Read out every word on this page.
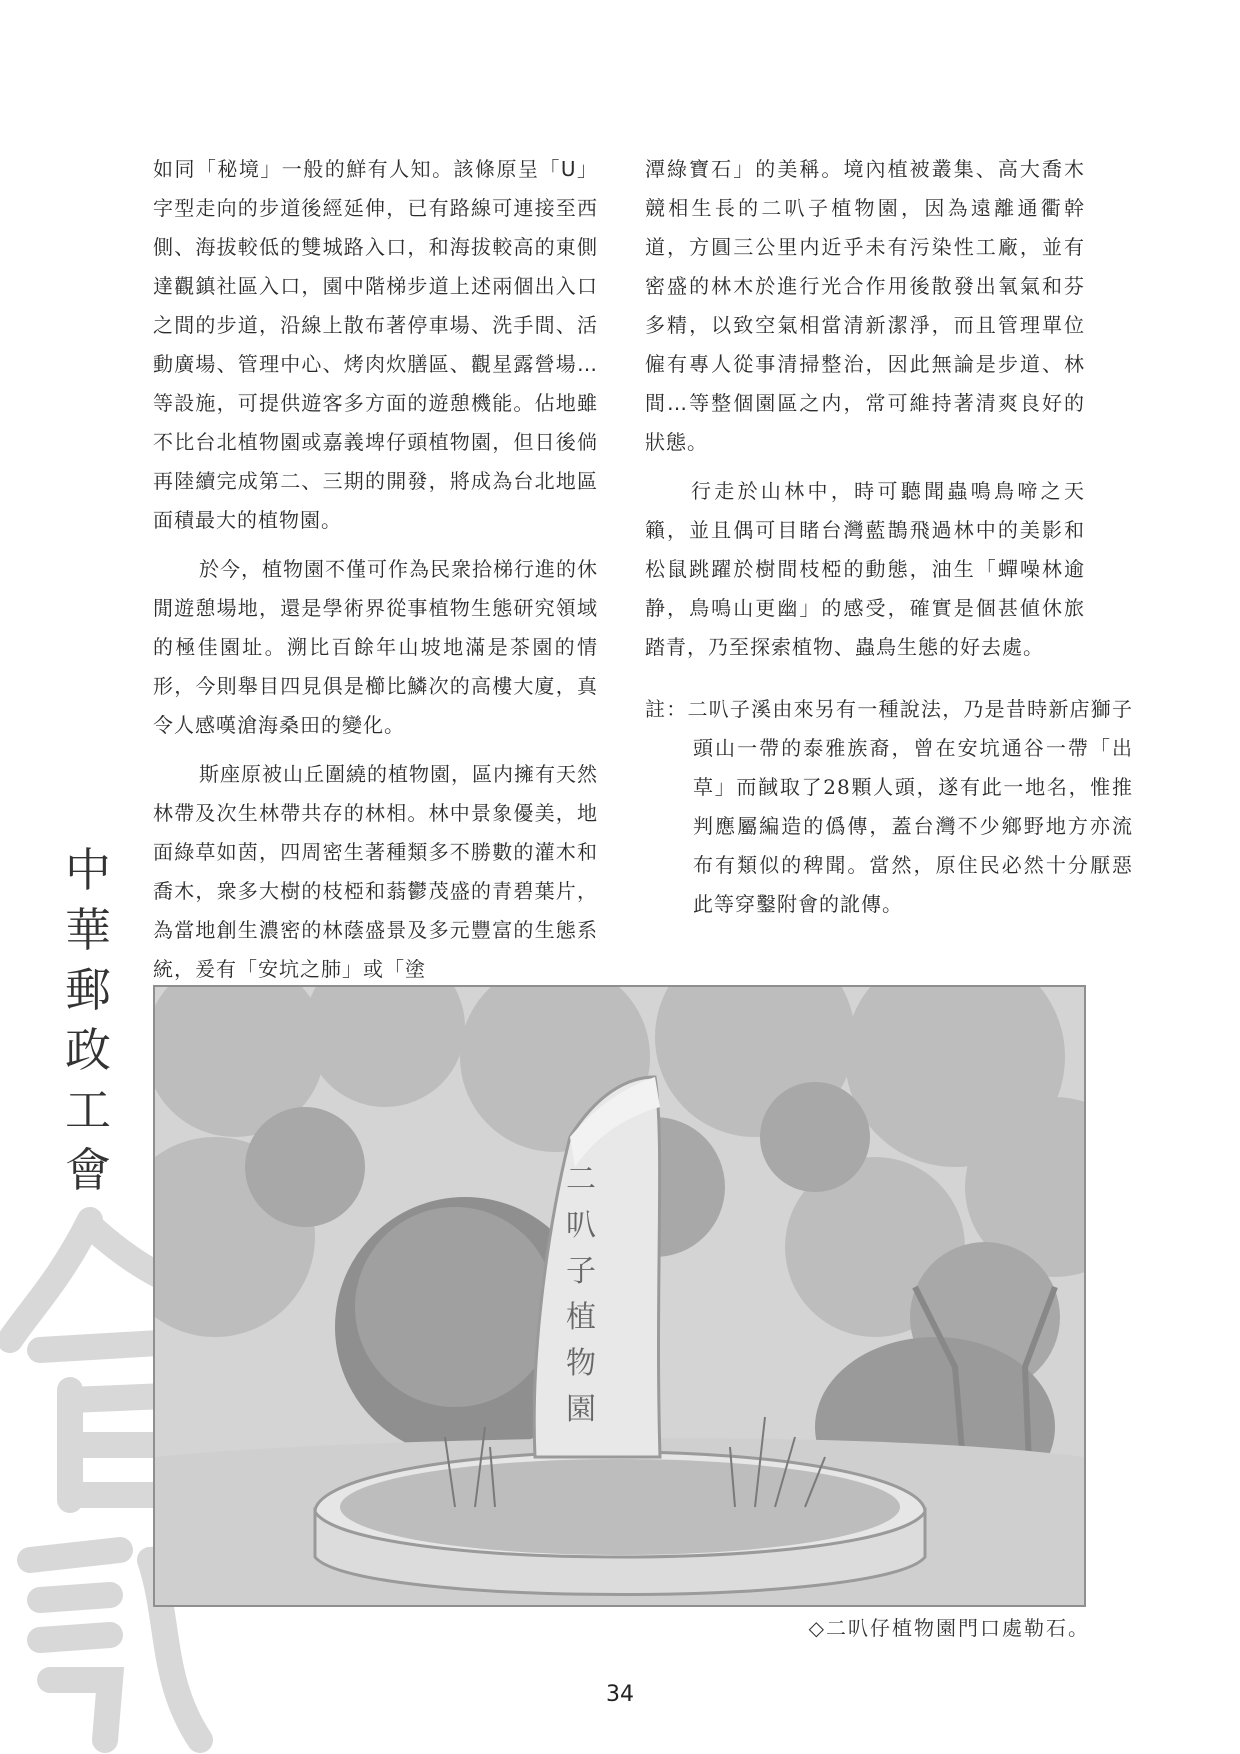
中
華
郵
政
工
會

如同「秘境」一般的鮮有人知。該條原呈「U」字型走向的步道後經延伸，已有路線可連接至西側、海拔較低的雙城路入口，和海拔較高的東側達觀鎮社區入口，園中階梯步道上述兩個出入口之間的步道，沿線上散布著停車場、洗手間、活動廣場、管理中心、烤肉炊膳區、觀星露營場…等設施，可提供遊客多方面的遊憩機能。佔地雖不比台北植物園或嘉義埤仔頭植物園，但日後倘再陸續完成第二、三期的開發，將成為台北地區面積最大的植物園。

於今，植物園不僅可作為民衆拾梯行進的休閒遊憩場地，還是學術界從事植物生態研究領域的極佳園址。溯比百餘年山坡地滿是茶園的情形，今則舉目四見俱是櫛比鱗次的高樓大廈，真令人感嘆滄海桑田的變化。

斯座原被山丘圍繞的植物園，區内擁有天然林帶及次生林帶共存的林相。林中景象優美，地面綠草如茵，四周密生著種類多不勝數的灌木和喬木，衆多大樹的枝椏和蓊鬱茂盛的青碧葉片，為當地創生濃密的林蔭盛景及多元豐富的生態系統，爰有「安坑之肺」或「塗

潭綠寶石」的美稱。境內植被叢集、高大喬木競相生長的二叭子植物園，因為遠離通衢幹道，方圓三公里内近乎未有污染性工廠，並有密盛的林木於進行光合作用後散發出氧氣和芬多精，以致空氣相當清新潔淨，而且管理單位僱有專人從事清掃整治，因此無論是步道、林間…等整個園區之内，常可維持著清爽良好的狀態。

行走於山林中，時可聽聞蟲鳴鳥啼之天籟，並且偶可目睹台灣藍鵲飛過林中的美影和松鼠跳躍於樹間枝椏的動態，油生「蟬噪林逾静，鳥鳴山更幽」的感受，確實是個甚値休旅踏青，乃至探索植物、蟲鳥生態的好去處。

註：二叭子溪由來另有一種說法，乃是昔時新店獅子頭山一帶的泰雅族裔，曾在安坑通谷一帶「出草」而馘取了28顆人頭，遂有此一地名，惟推判應屬編造的僞傳，蓋台灣不少鄉野地方亦流布有類似的稗聞。當然，原住民必然十分厭惡此等穿鑿附會的訛傳。
二叭子植物園
◇二叭仔植物園門口處勒石。
34
